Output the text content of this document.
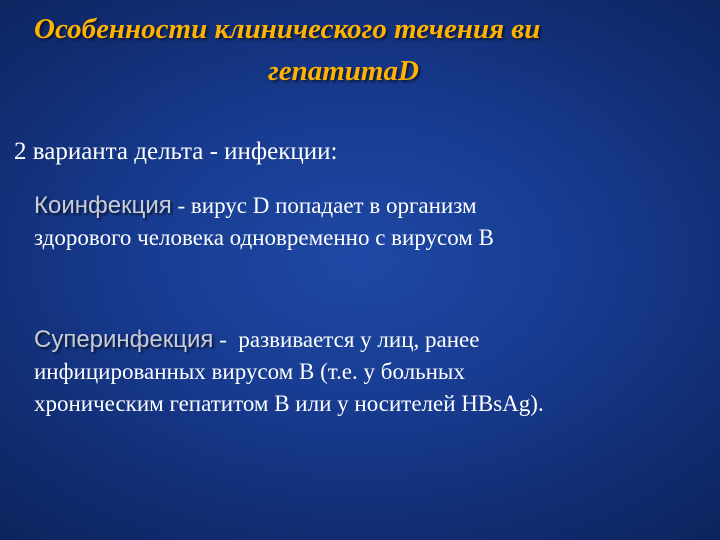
Особенности клинического течения ви
гепатитаD

2 варианта дельта - инфекции:

Коинфекция - вирус D попадает в организм
здорового человека одновременно с вирусом В
Суперинфекция -  развивается у лиц, ранее
инфицированных вирусом В (т.е. у больных
хроническим гепатитом В или у носителей HBsAg).
